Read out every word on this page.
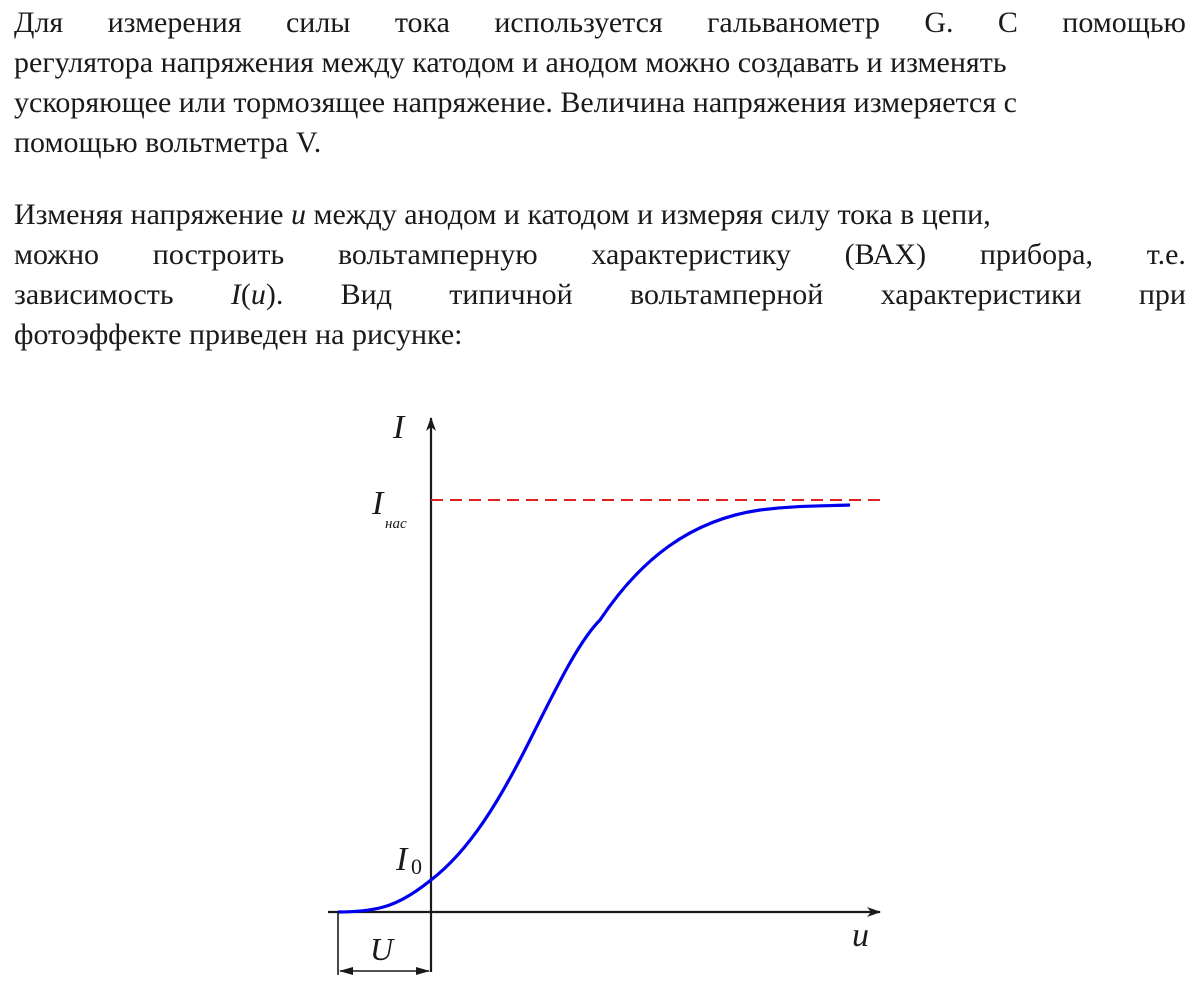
Для измерения силы тока используется гальванометр G. С помощью
регулятора напряжения между катодом и анодом можно создавать и изменять
ускоряющее или тормозящее напряжение. Величина напряжения измеряется с
помощью вольтметра V.
Изменяя напряжение u между анодом и катодом и измеряя силу тока в цепи,
можно построить вольтамперную характеристику (ВАХ) прибора, т.е.
зависимость I(u). Вид типичной вольтамперной характеристики при
фотоэффекте приведен на рисунке:
I
u
I
нас
I 0
U
